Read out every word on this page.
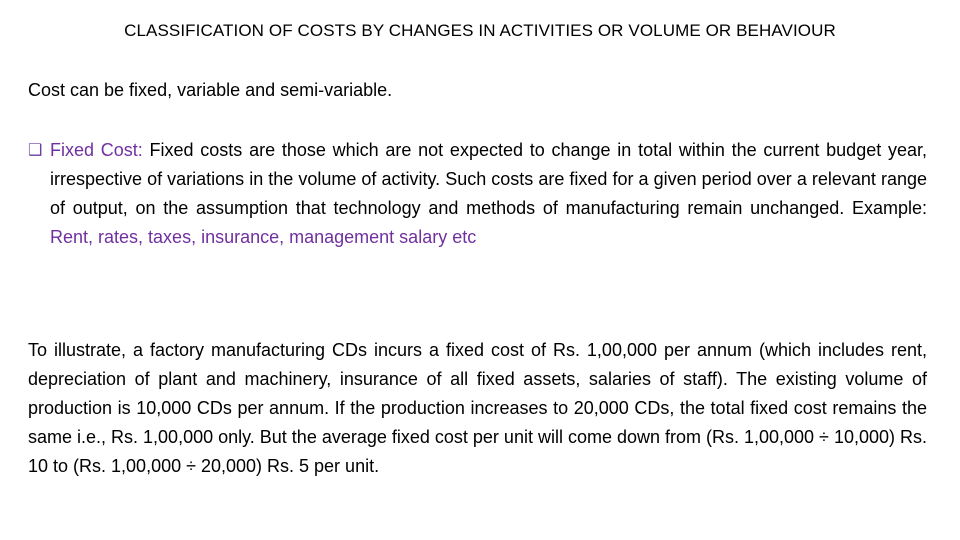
CLASSIFICATION OF COSTS BY CHANGES IN ACTIVITIES OR VOLUME OR BEHAVIOUR
Cost can be fixed, variable and semi-variable.
❑ Fixed Cost: Fixed costs are those which are not expected to change in total within the current budget year, irrespective of variations in the volume of activity. Such costs are fixed for a given period over a relevant range of output, on the assumption that technology and methods of manufacturing remain unchanged. Example: Rent, rates, taxes, insurance, management salary etc
To illustrate, a factory manufacturing CDs incurs a fixed cost of Rs. 1,00,000 per annum (which includes rent, depreciation of plant and machinery, insurance of all fixed assets, salaries of staff). The existing volume of production is 10,000 CDs per annum. If the production increases to 20,000 CDs, the total fixed cost remains the same i.e., Rs. 1,00,000 only. But the average fixed cost per unit will come down from (Rs. 1,00,000 ÷ 10,000) Rs. 10 to (Rs. 1,00,000 ÷ 20,000) Rs. 5 per unit.
